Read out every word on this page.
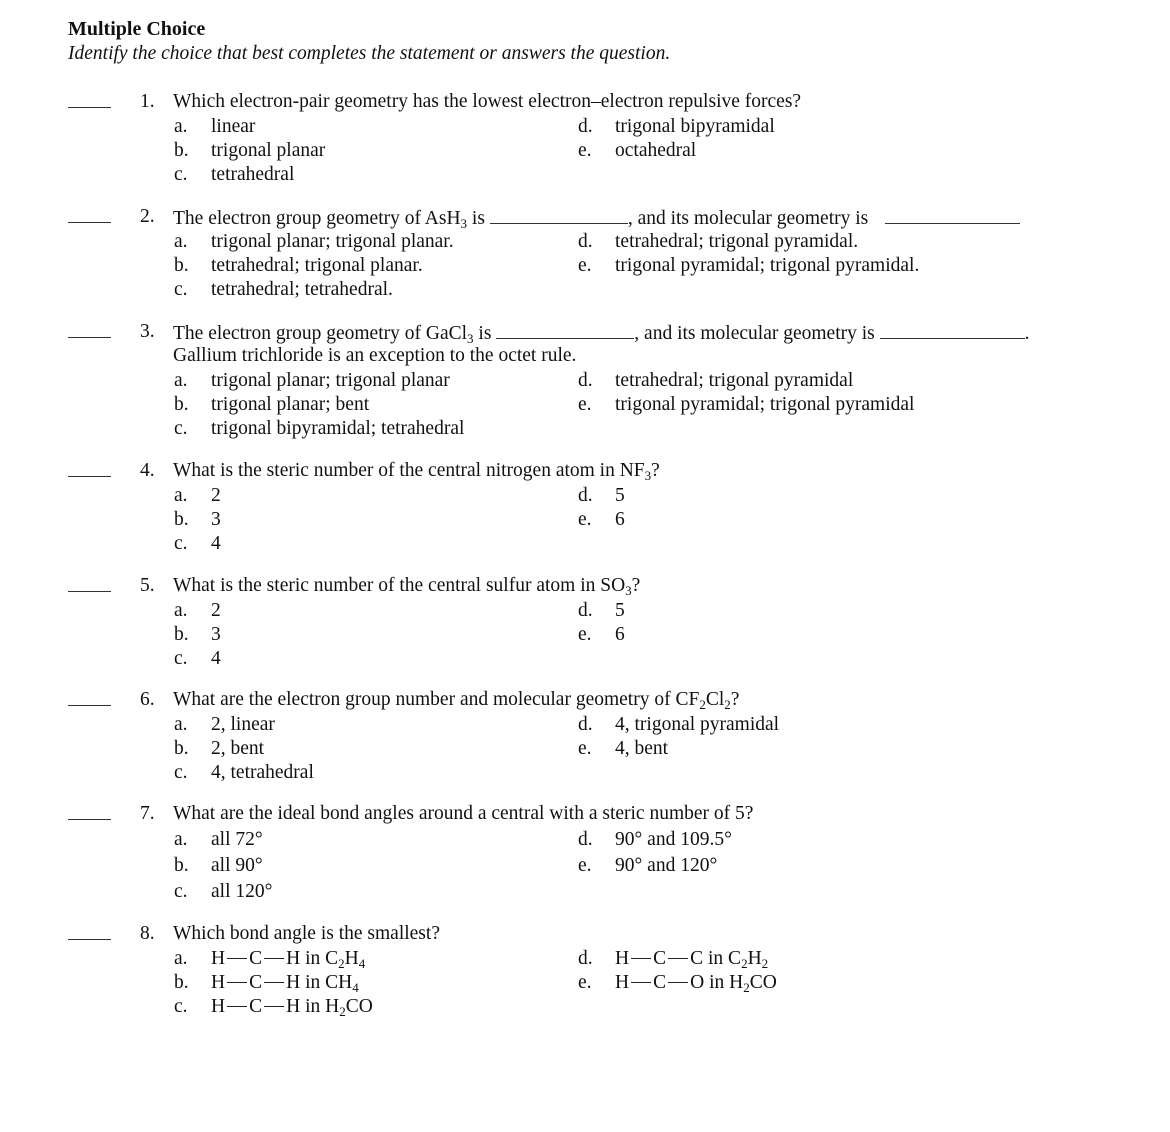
Multiple Choice
Identify the choice that best completes the statement or answers the question.
1. Which electron-pair geometry has the lowest electron–electron repulsive forces?
a. linear
b. trigonal planar
c. tetrahedral
d. trigonal bipyramidal
e. octahedral
2. The electron group geometry of AsH$_3$ is	, and its molecular geometry is
a. trigonal planar; trigonal planar.
b. tetrahedral; trigonal planar.
c. tetrahedral; tetrahedral.
d. tetrahedral; trigonal pyramidal.
e. trigonal pyramidal; trigonal pyramidal.
3. The electron group geometry of GaCl$_3$ is	, and its molecular geometry is	.
Gallium trichloride is an exception to the octet rule.
a. trigonal planar; trigonal planar
b. trigonal planar; bent
c. trigonal bipyramidal; tetrahedral
d. tetrahedral; trigonal pyramidal
e. trigonal pyramidal; trigonal pyramidal
4. What is the steric number of the central nitrogen atom in $NF_3$?
a. 2
b. 3
c. 4
d. 5
e. 6
5. What is the steric number of the central sulfur atom in $SO_3$?
a. 2
b. 3
c. 4
d. 5
e. 6
6. What are the electron group number and molecular geometry of $CF_2Cl_2$?
a. 2, linear
b. 2, bent
c. 4, tetrahedral
d. 4, trigonal pyramidal
e. 4, bent
7. What are the ideal bond angles around a central with a steric number of 5?
a. all 72°
b. all 90°
c. all 120°
d. 90° and 109.5°
e. 90° and 120°
8. Which bond angle is the smallest?
a. H C H in $C_2H_4$
b. H C H in $CH_4$
c. H C H in $H_2CO$
d. H C C in $C_2H_2$
e. H C O in $H_2CO$
